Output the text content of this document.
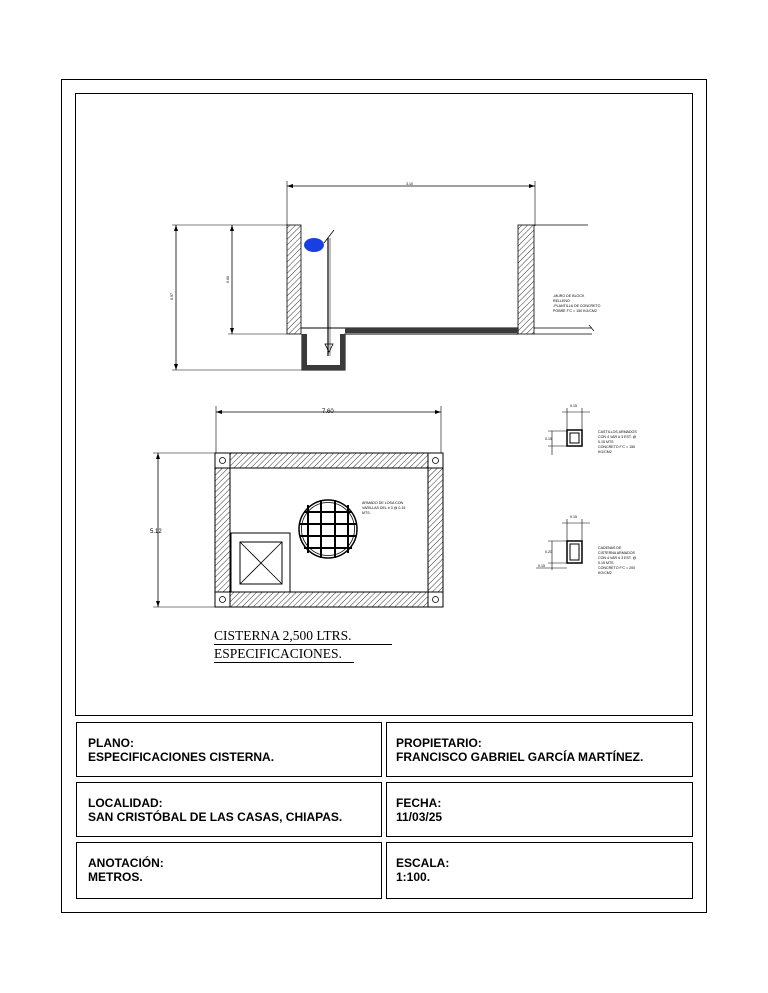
3.10
0.97
0.60
-MURO DE BLOCK
RELLENO
-PLANTILLA DE CONCRETO
POBRE F'C = 150 KG/CM2
7.60
5.12
ARMADO DE LOSA CON
VARILLAS DEL # 3 @ 0.15
MTS.
0.15
0.15
CASTILLOS ARMADOS
CON 4 VAR # 3 EST. @
0.15 MTS
CONCRETO F'C = 150
KG/CM2
0.15
0.20
0.15
CADENAS DE
CISTERNA ARMADOS
CON 4 VAR # 3 EST. @
0.15 MTS
CONCRETO F'C = 200
KG/CM2
CISTERNA 2,500 LTRS.
ESPECIFICACIONES.
PLANO:
ESPECIFICACIONES CISTERNA.
PROPIETARIO:
FRANCISCO GABRIEL GARCÍA MARTÍNEZ.
LOCALIDAD:
SAN CRISTÓBAL DE LAS CASAS, CHIAPAS.
FECHA:
11/03/25
ANOTACIÓN:
METROS.
ESCALA:
1:100.
